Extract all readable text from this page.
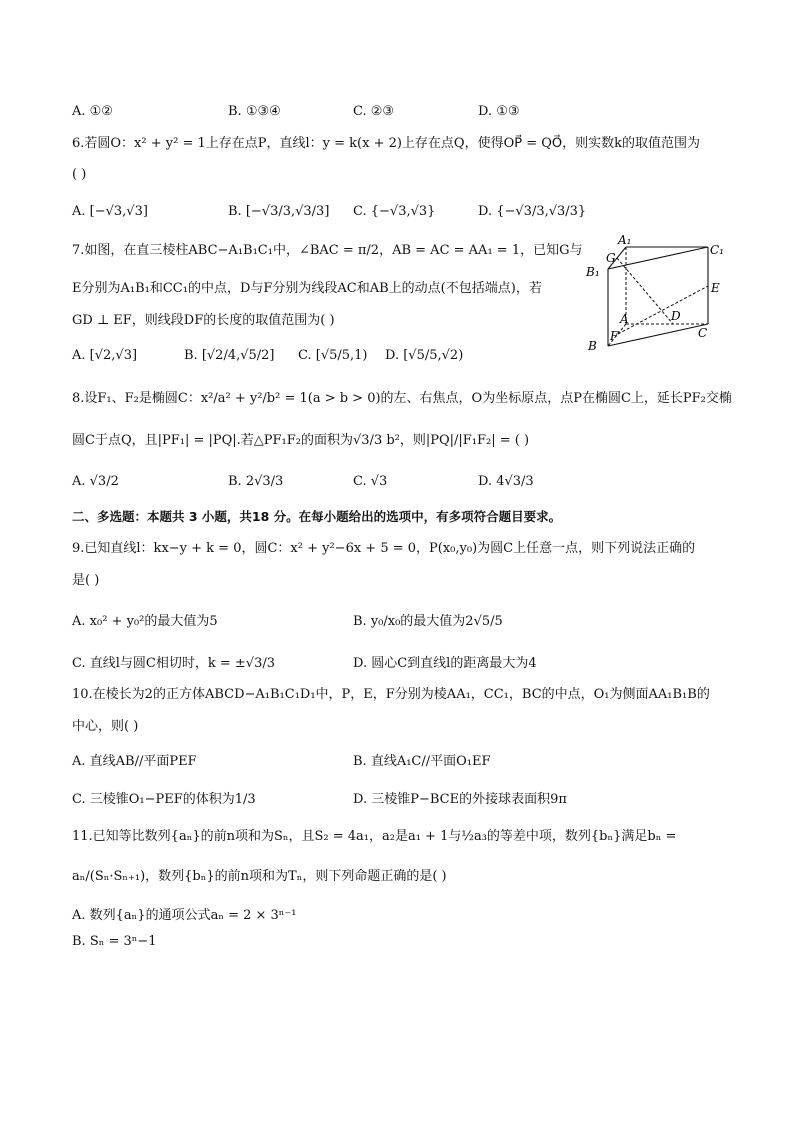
A. ①②	B. ①③④	C. ②③	D. ①③
6.若圆O：x² + y² = 1上存在点P，直线l：y = k(x + 2)上存在点Q，使得OP⃗ = QO⃗，则实数k的取值范围为
( )
A. [−√3,√3]	B. [−√3/3,√3/3] C. {−√3,√3}	D. {−√3/3,√3/3}
7.如图，在直三棱柱ABC−A₁B₁C₁中，∠BAC = π/2，AB = AC = AA₁ = 1，已知G与
E分别为A₁B₁和CC₁的中点，D与F分别为线段AC和AB上的动点(不包括端点)，若
GD ⊥ EF，则线段DF的长度的取值范围为( )
A. [√2,√3]	B. [√2/4,√5/2] C. [√5/5,1) D. [√5/5,√2)
A₁
C₁
B₁
G
E
A	D
F
B
C
8.设F₁、F₂是椭圆C：x²/a² + y²/b² = 1(a > b > 0)的左、右焦点，O为坐标原点，点P在椭圆C上，延长PF₂交椭
圆C于点Q，且|PF₁| = |PQ|.若△PF₁F₂的面积为√3/3 b²，则|PQ|/|F₁F₂| = ( )
A. √3/2	B. 2√3/3	C. √3	D. 4√3/3
二、多选题：本题共 3 小题，共18 分。在每小题给出的选项中，有多项符合题目要求。
9.已知直线l：kx−y + k = 0，圆C：x² + y²−6x + 5 = 0，P(x₀,y₀)为圆C上任意一点，则下列说法正确的
是( )
A. x₀² + y₀²的最大值为5	B. y₀/x₀的最大值为2√5/5
C. 直线l与圆C相切时，k = ±√3/3	D. 圆心C到直线l的距离最大为4
10.在棱长为2的正方体ABCD−A₁B₁C₁D₁中，P，E，F分别为棱AA₁，CC₁，BC的中点，O₁为侧面AA₁B₁B的
中心，则( )
A. 直线AB//平面PEF	B. 直线A₁C//平面O₁EF
C. 三棱锥O₁−PEF的体积为1/3	D. 三棱锥P−BCE的外接球表面积9π
11.已知等比数列{aₙ}的前n项和为Sₙ，且S₂ = 4a₁，a₂是a₁ + 1与½a₃的等差中项，数列{bₙ}满足bₙ =
aₙ/(Sₙ·Sₙ₊₁)，数列{bₙ}的前n项和为Tₙ，则下列命题正确的是( )
A. 数列{aₙ}的通项公式aₙ = 2 × 3ⁿ⁻¹
B. Sₙ = 3ⁿ−1
